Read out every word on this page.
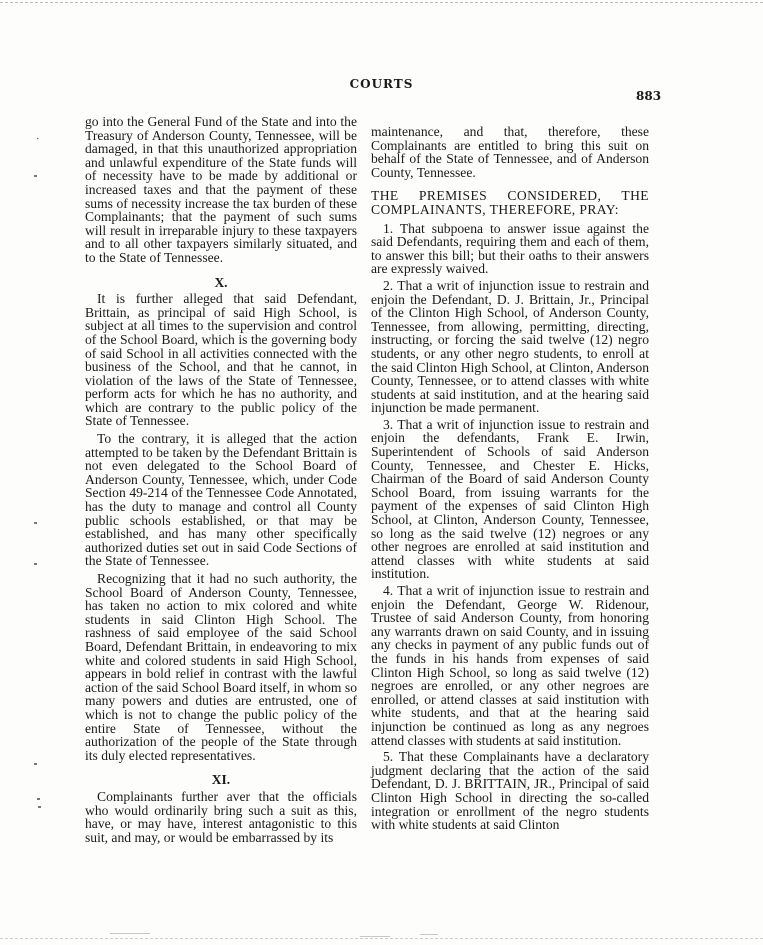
COURTS
883
⠂

go into the General Fund of the State and into the Treasury of Anderson County, Tennessee, will be damaged, in that this unauthorized appropriation and unlawful expenditure of the State funds will of necessity have to be made by additional or increased taxes and that the payment of these sums of necessity increase the tax burden of these Complainants; that the payment of such sums will result in irreparable injury to these taxpayers and to all other taxpayers similarly situated, and to the State of Tennessee.

X.

It is further alleged that said Defendant, Brittain, as principal of said High School, is subject at all times to the supervision and control of the School Board, which is the governing body of said School in all activities connected with the business of the School, and that he cannot, in violation of the laws of the State of Tennessee, perform acts for which he has no authority, and which are contrary to the public policy of the State of Tennessee.

To the contrary, it is alleged that the action attempted to be taken by the Defendant Brittain is not even delegated to the School Board of Anderson County, Tennessee, which, under Code Section 49-214 of the Tennessee Code Annotated, has the duty to manage and control all County public schools established, or that may be established, and has many other specifically authorized duties set out in said Code Sections of the State of Tennessee.

Recognizing that it had no such authority, the School Board of Anderson County, Tennessee, has taken no action to mix colored and white students in said Clinton High School. The rashness of said employee of the said School Board, Defendant Brittain, in endeavoring to mix white and colored students in said High School, appears in bold relief in contrast with the lawful action of the said School Board itself, in whom so many powers and duties are entrusted, one of which is not to change the public policy of the entire State of Tennessee, without the authorization of the people of the State through its duly elected representatives.

XI.

Complainants further aver that the officials who would ordinarily bring such a suit as this, have, or may have, interest antagonistic to this suit, and may, or would be embarrassed by its

maintenance, and that, therefore, these Complainants are entitled to bring this suit on behalf of the State of Tennessee, and of Anderson County, Tennessee.

THE PREMISES CONSIDERED, THE COMPLAINANTS, THEREFORE, PRAY:

1. That subpoena to answer issue against the said Defendants, requiring them and each of them, to answer this bill; but their oaths to their answers are expressly waived.

2. That a writ of injunction issue to restrain and enjoin the Defendant, D. J. Brittain, Jr., Principal of the Clinton High School, of Anderson County, Tennessee, from allowing, permitting, directing, instructing, or forcing the said twelve (12) negro students, or any other negro students, to enroll at the said Clinton High School, at Clinton, Anderson County, Tennessee, or to attend classes with white students at said institution, and at the hearing said injunction be made permanent.

3. That a writ of injunction issue to restrain and enjoin the defendants, Frank E. Irwin, Superintendent of Schools of said Anderson County, Tennessee, and Chester E. Hicks, Chairman of the Board of said Anderson County School Board, from issuing warrants for the payment of the expenses of said Clinton High School, at Clinton, Anderson County, Tennessee, so long as the said twelve (12) negroes or any other negroes are enrolled at said institution and attend classes with white students at said institution.

4. That a writ of injunction issue to restrain and enjoin the Defendant, George W. Ridenour, Trustee of said Anderson County, from honoring any warrants drawn on said County, and in issuing any checks in payment of any public funds out of the funds in his hands from expenses of said Clinton High School, so long as said twelve (12) negroes are enrolled, or any other negroes are enrolled, or attend classes at said institution with white students, and that at the hearing said injunction be continued as long as any negroes attend classes with students at said institution.

5. That these Complainants have a declaratory judgment declaring that the action of the said Defendant, D. J. BRITTAIN, JR., Principal of said Clinton High School in directing the so-called integration or enrollment of the negro students with white students at said Clinton
